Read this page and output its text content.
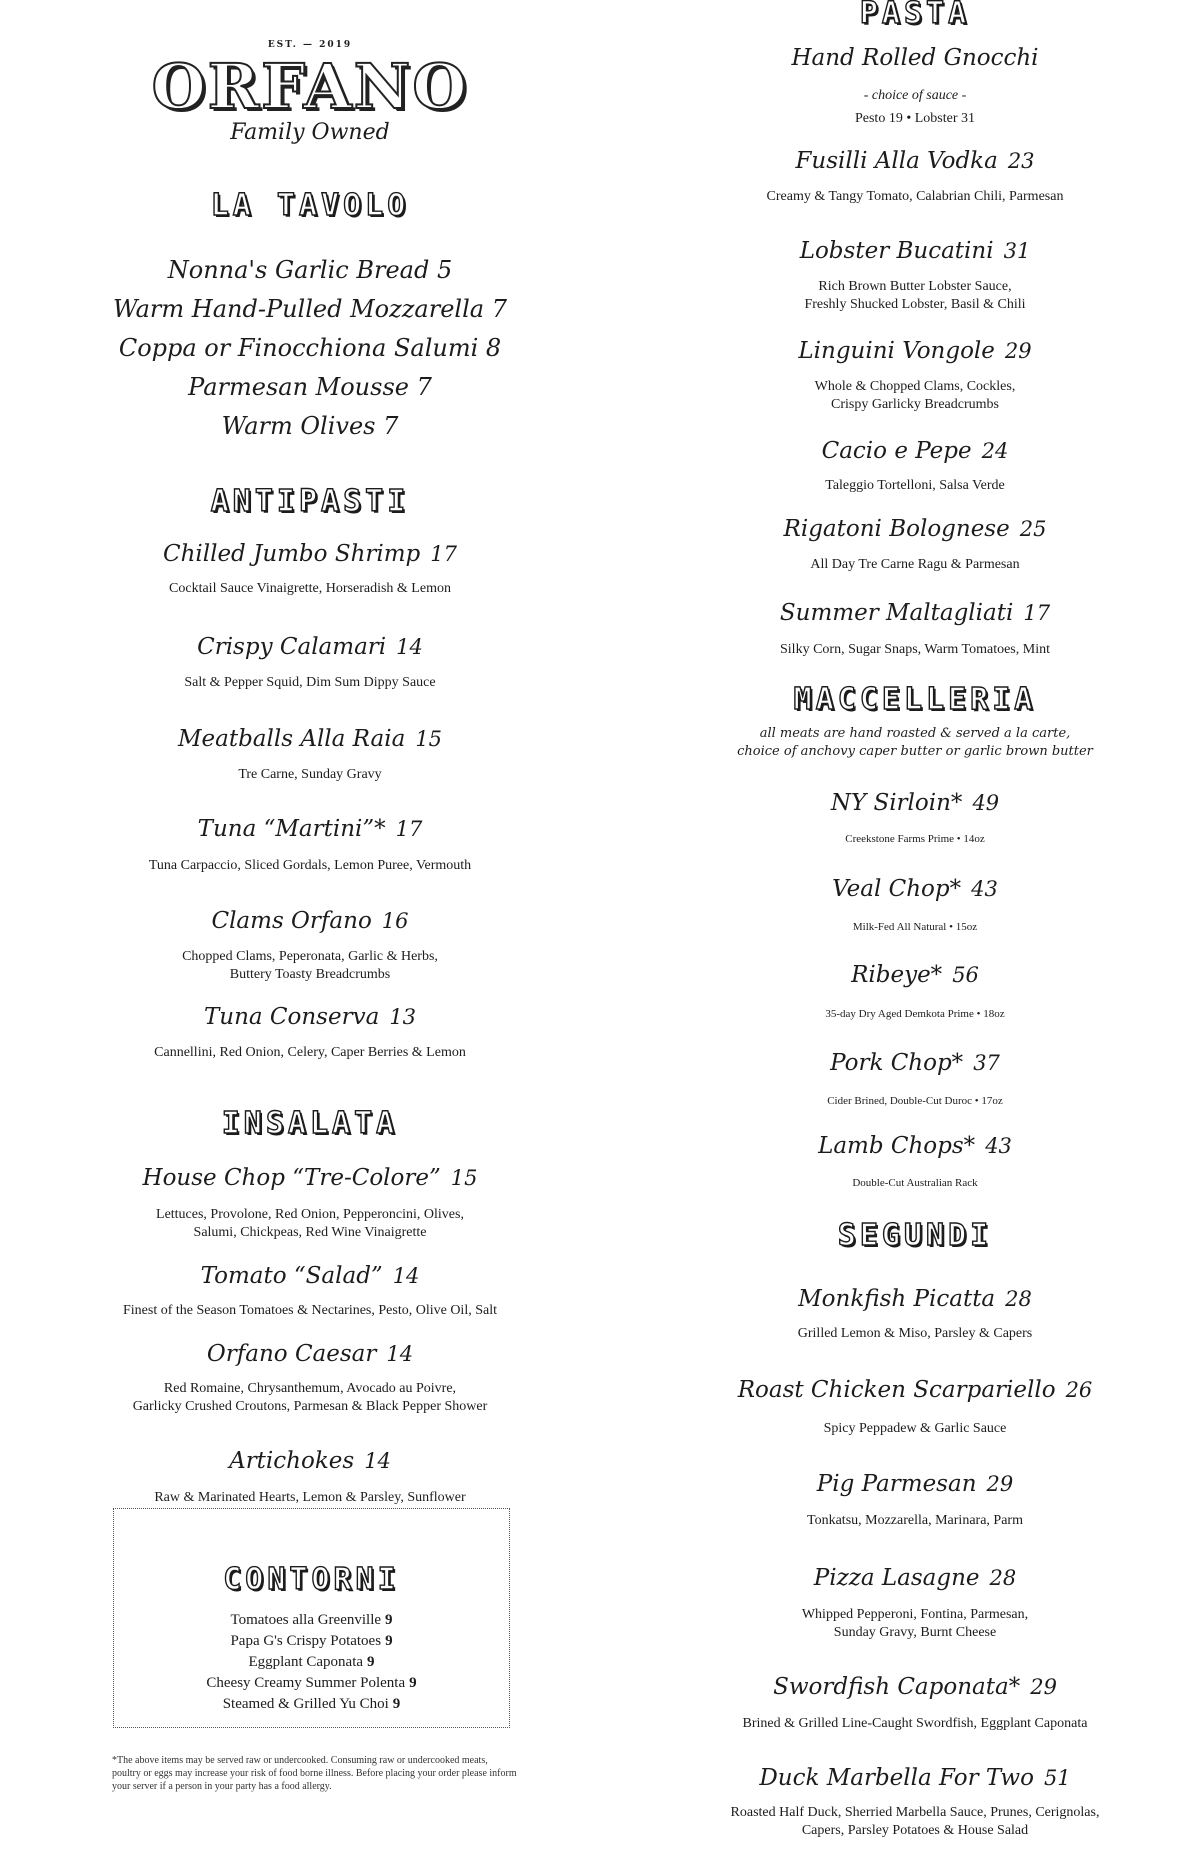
EST. — 2019
ORFANO
Family Owned
LA TAVOLO
Nonna's Garlic Bread 5
Warm Hand-Pulled Mozzarella 7
Coppa or Finocchiona Salumi 8
Parmesan Mousse 7
Warm Olives 7
ANTIPASTI
Chilled Jumbo Shrimp 17
Cocktail Sauce Vinaigrette, Horseradish & Lemon
Crispy Calamari 14
Salt & Pepper Squid, Dim Sum Dippy Sauce
Meatballs Alla Raia 15
Tre Carne, Sunday Gravy
Tuna “Martini”* 17
Tuna Carpaccio, Sliced Gordals, Lemon Puree, Vermouth
Clams Orfano 16
Chopped Clams, Peperonata, Garlic & Herbs,
Buttery Toasty Breadcrumbs
Tuna Conserva 13
Cannellini, Red Onion, Celery, Caper Berries & Lemon
INSALATA
House Chop “Tre-Colore” 15
Lettuces, Provolone, Red Onion, Pepperoncini, Olives,
Salumi, Chickpeas, Red Wine Vinaigrette
Tomato “Salad” 14
Finest of the Season Tomatoes & Nectarines, Pesto, Olive Oil, Salt
Orfano Caesar 14
Red Romaine, Chrysanthemum, Avocado au Poivre,
Garlicky Crushed Croutons, Parmesan & Black Pepper Shower
Artichokes 14
Raw & Marinated Hearts, Lemon & Parsley, Sunflower
CONTORNI
Tomatoes alla Greenville 9
Papa G's Crispy Potatoes 9
Eggplant Caponata 9
Cheesy Creamy Summer Polenta 9
Steamed & Grilled Yu Choi 9
*The above items may be served raw or undercooked. Consuming raw or undercooked meats, poultry or eggs may increase your risk of food borne illness. Before placing your order please inform your server if a person in your party has a food allergy.
PASTA
Hand Rolled Gnocchi
- choice of sauce -
Pesto 19 • Lobster 31
Fusilli Alla Vodka 23
Creamy & Tangy Tomato, Calabrian Chili, Parmesan
Lobster Bucatini 31
Rich Brown Butter Lobster Sauce,
Freshly Shucked Lobster, Basil & Chili
Linguini Vongole 29
Whole & Chopped Clams, Cockles,
Crispy Garlicky Breadcrumbs
Cacio e Pepe 24
Taleggio Tortelloni, Salsa Verde
Rigatoni Bolognese 25
All Day Tre Carne Ragu & Parmesan
Summer Maltagliati 17
Silky Corn, Sugar Snaps, Warm Tomatoes, Mint
MACCELLERIA
all meats are hand roasted & served a la carte,
choice of anchovy caper butter or garlic brown butter
NY Sirloin* 49
Creekstone Farms Prime • 14oz
Veal Chop* 43
Milk-Fed All Natural • 15oz
Ribeye* 56
35-day Dry Aged Demkota Prime • 18oz
Pork Chop* 37
Cider Brined, Double-Cut Duroc • 17oz
Lamb Chops* 43
Double-Cut Australian Rack
SEGUNDI
Monkfish Picatta 28
Grilled Lemon & Miso, Parsley & Capers
Roast Chicken Scarpariello 26
Spicy Peppadew & Garlic Sauce
Pig Parmesan 29
Tonkatsu, Mozzarella, Marinara, Parm
Pizza Lasagne 28
Whipped Pepperoni, Fontina, Parmesan,
Sunday Gravy, Burnt Cheese
Swordfish Caponata* 29
Brined & Grilled Line-Caught Swordfish, Eggplant Caponata
Duck Marbella For Two 51
Roasted Half Duck, Sherried Marbella Sauce, Prunes, Cerignolas,
Capers, Parsley Potatoes & House Salad
